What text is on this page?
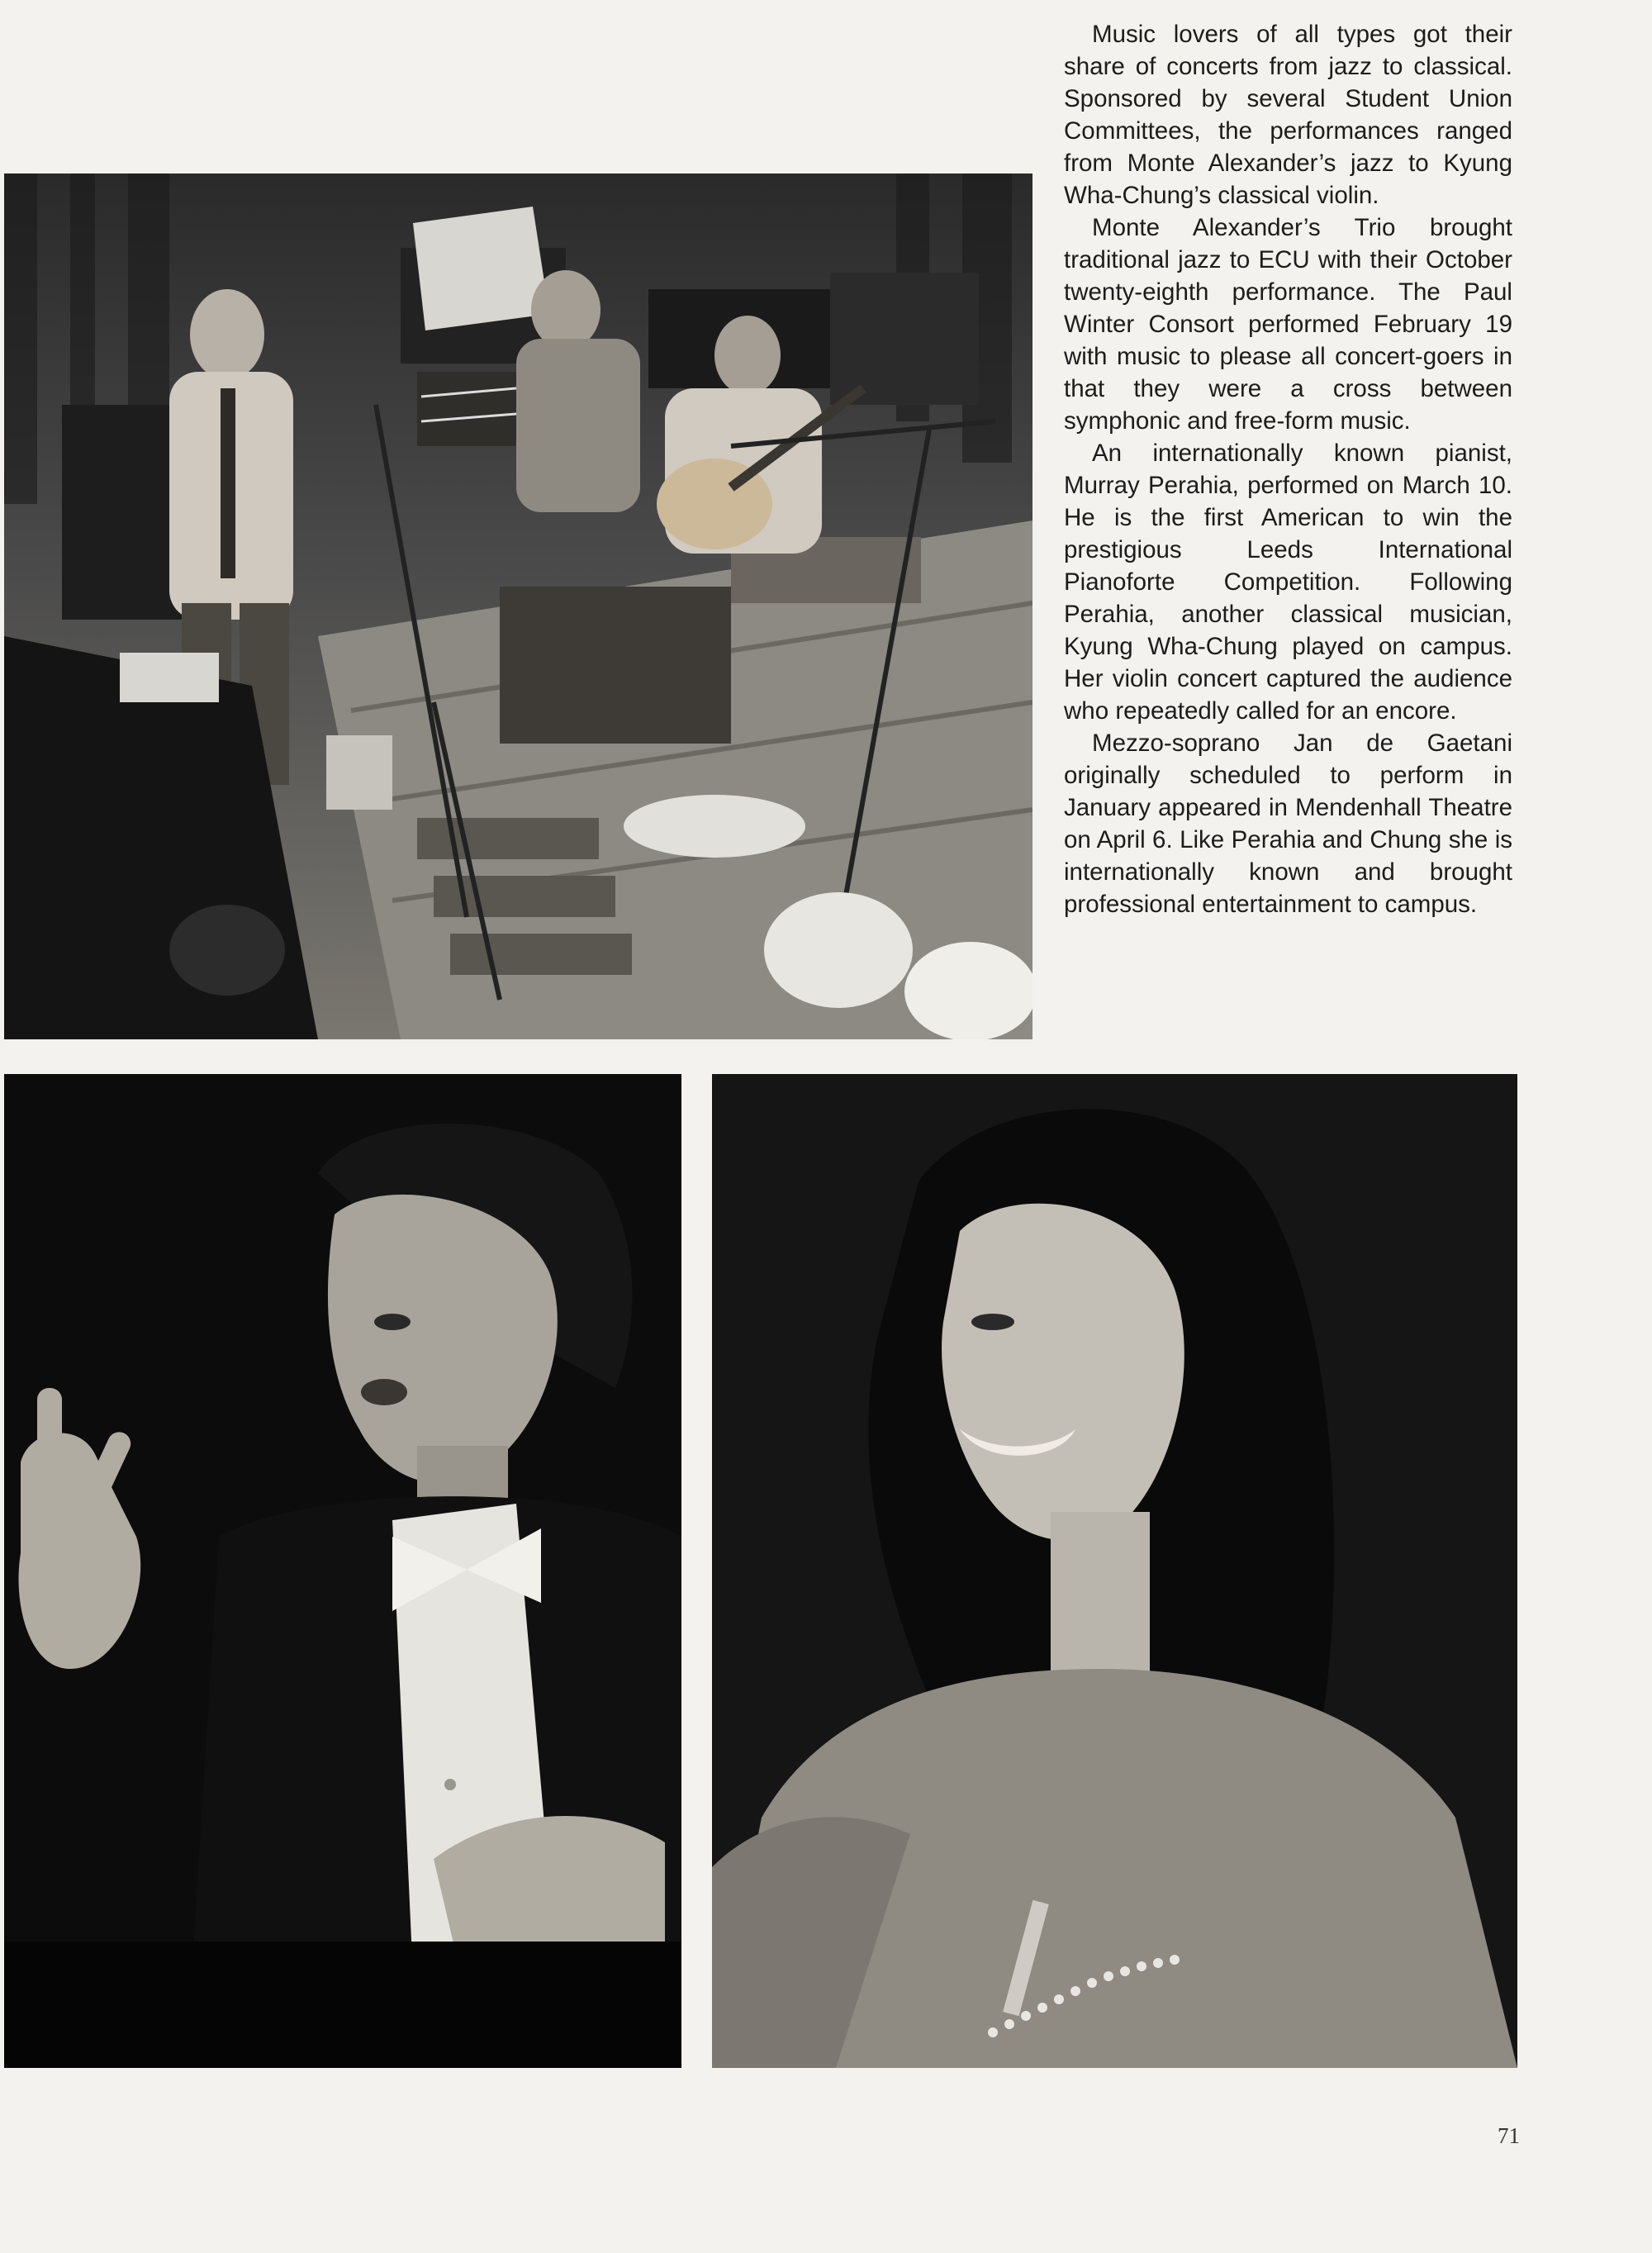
Music lovers of all types got their share of concerts from jazz to classical. Sponsored by several Student Union Committees, the performances ranged from Monte Alexander’s jazz to Kyung Wha-Chung’s classical violin.

Monte Alexander’s Trio brought traditional jazz to ECU with their October twenty-eighth performance. The Paul Winter Consort performed February 19 with music to please all concert-goers in that they were a cross between symphonic and free-form music.

An internationally known pianist, Murray Perahia, performed on March 10. He is the first American to win the prestigious Leeds International Pianoforte Competition. Following Perahia, another classical musician, Kyung Wha-Chung played on campus. Her violin concert captured the audience who repeatedly called for an encore.

Mezzo-soprano Jan de Gaetani originally scheduled to perform in January appeared in Mendenhall Theatre on April 6. Like Perahia and Chung she is internationally known and brought professional entertainment to campus.

71
